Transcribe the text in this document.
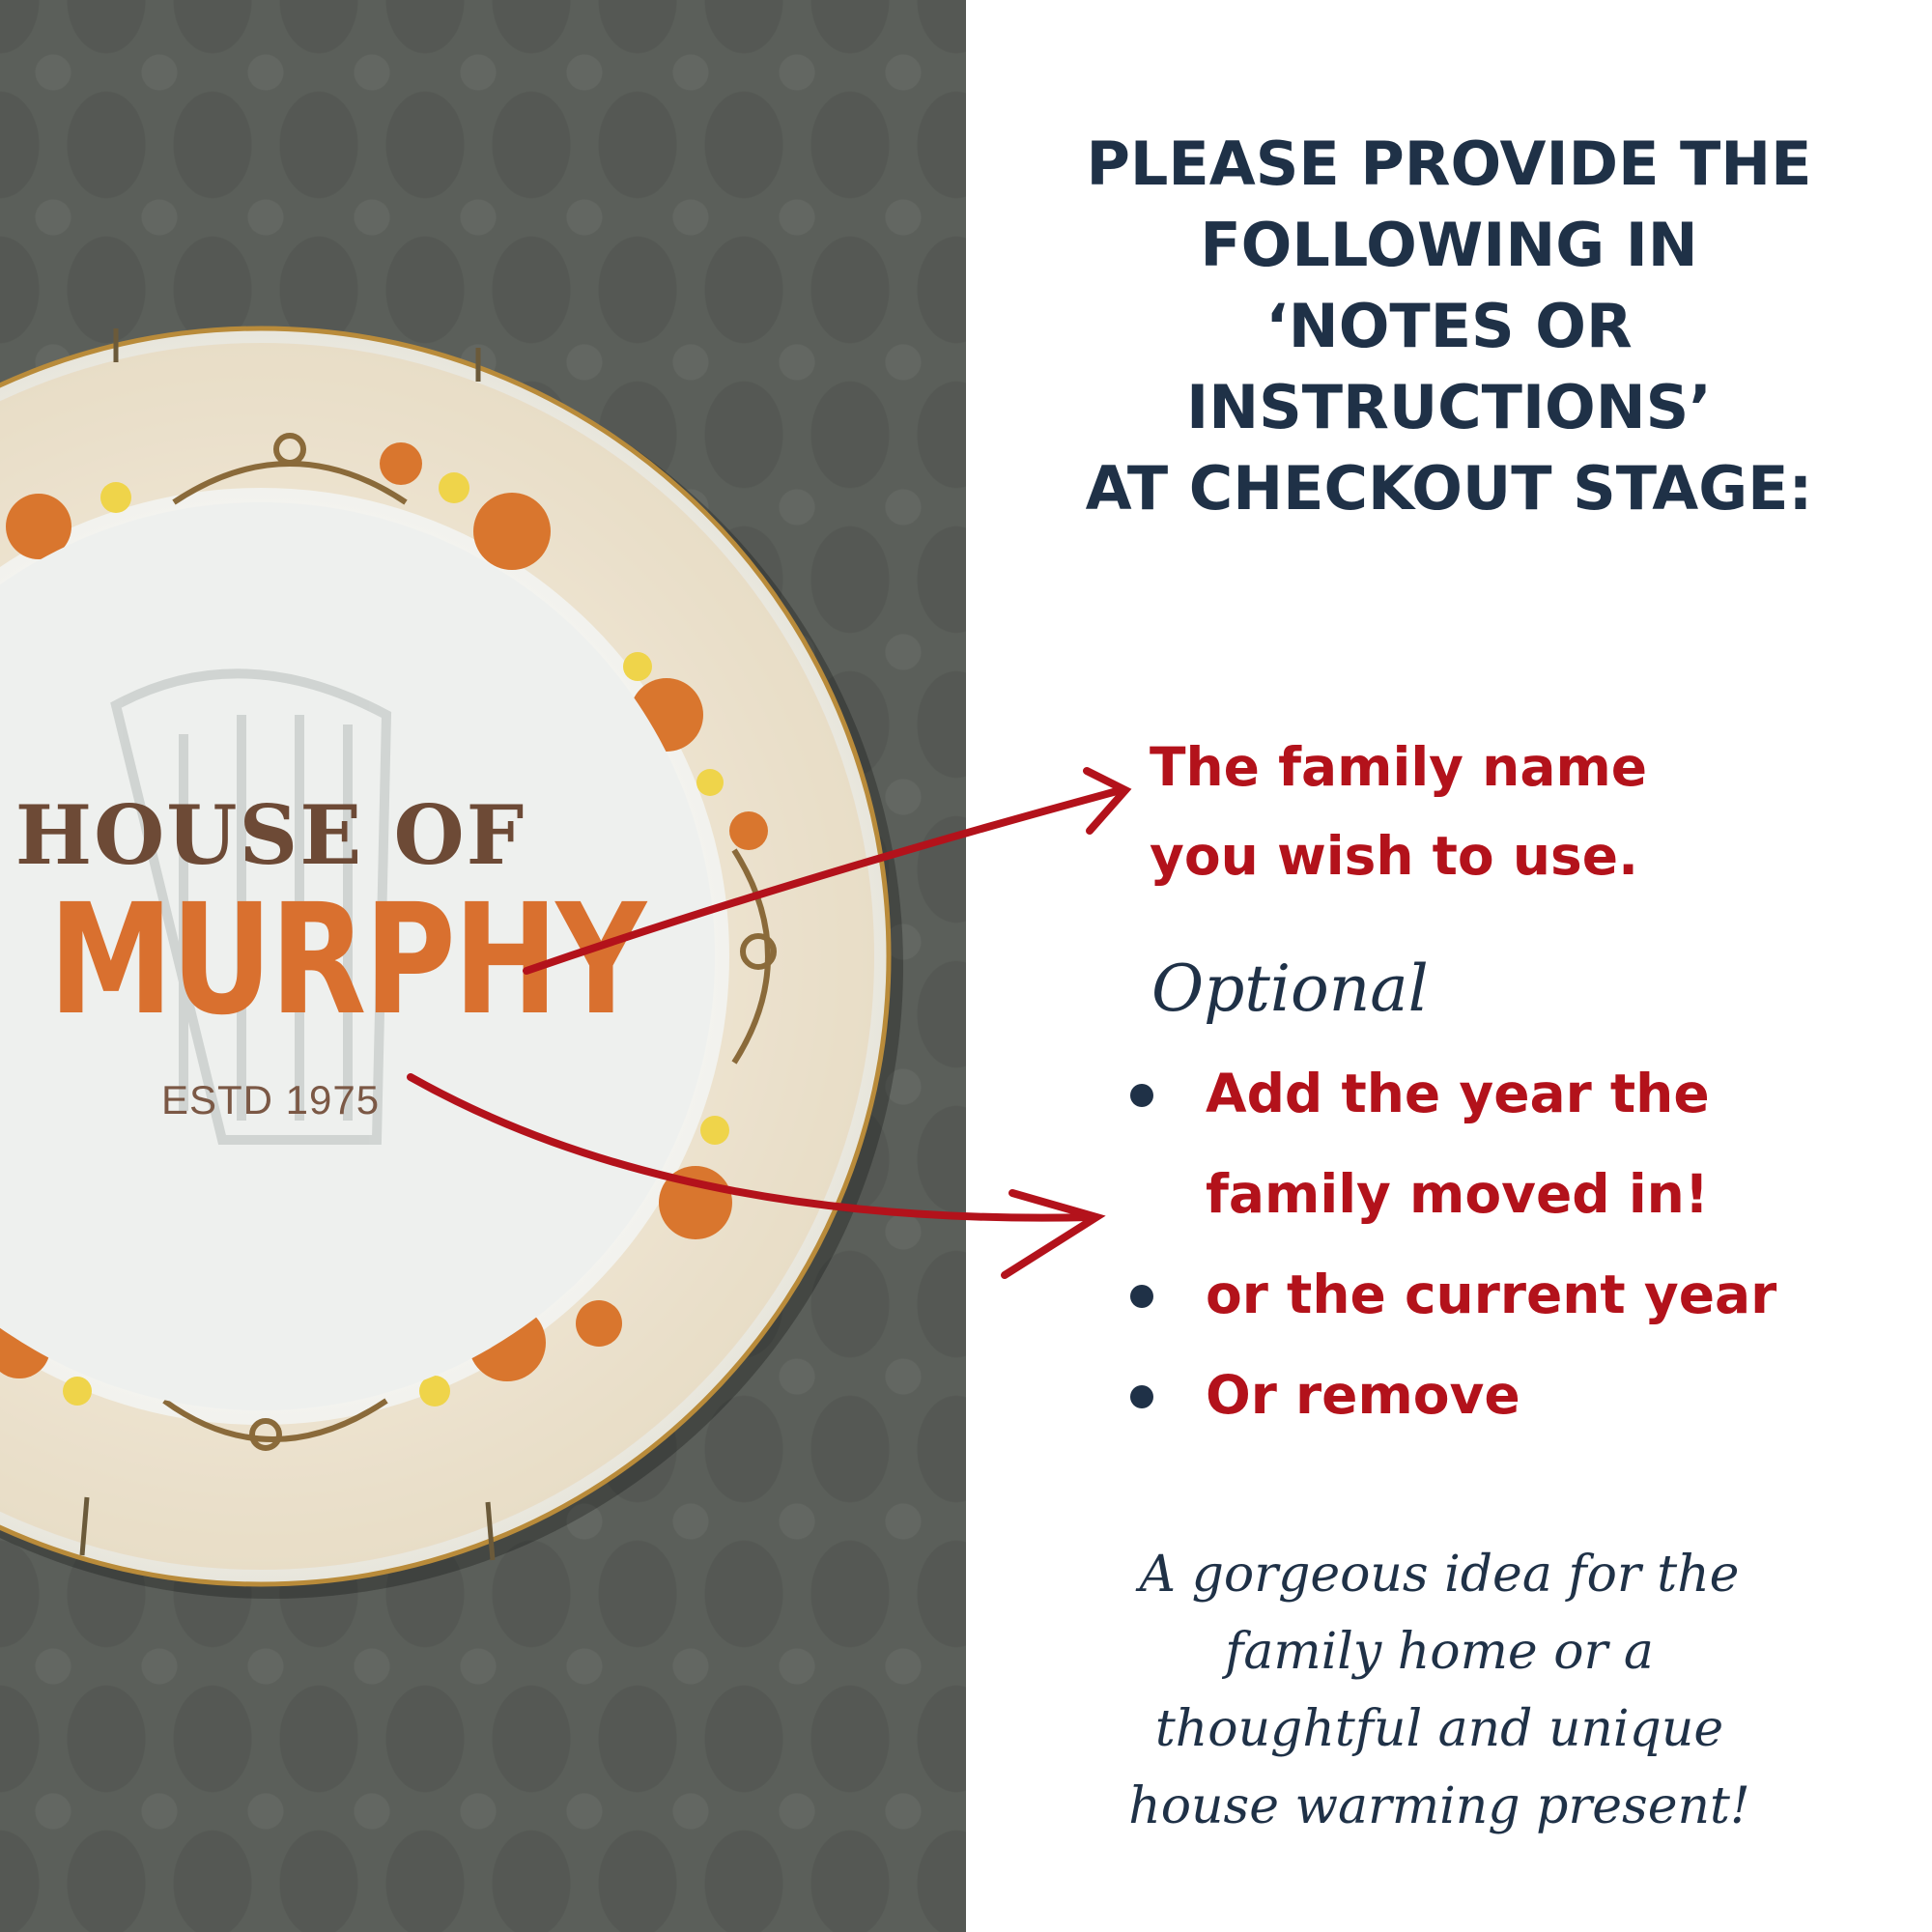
HOUSE OF
MURPHY
ESTD 1975
PLEASE PROVIDE THE
FOLLOWING IN
‘NOTES OR
INSTRUCTIONS’
AT CHECKOUT STAGE:
The family name
you wish to use.
Optional
Add the year the
family moved in!
or the current year
Or remove
A gorgeous idea for the
family home or a
thoughtful and unique
house warming present!
